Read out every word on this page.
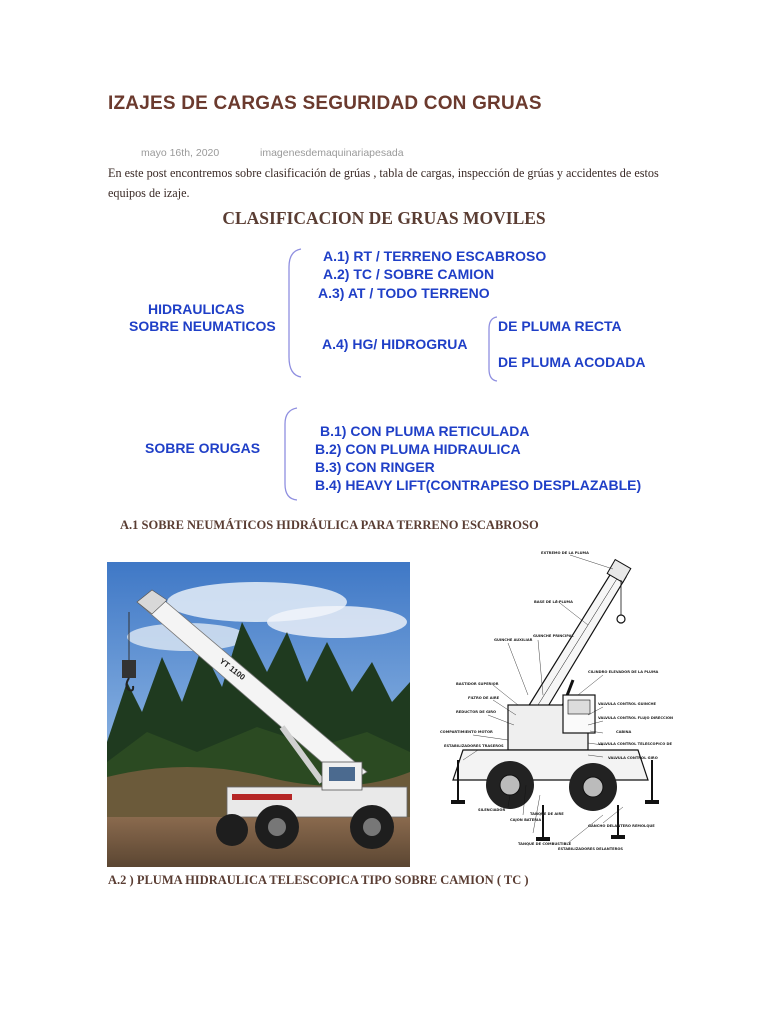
IZAJES DE CARGAS SEGURIDAD CON GRUAS
mayo 16th, 2020	imagenesdemaquinariapesada

En este post encontremos sobre clasificación de grúas , tabla de cargas, inspección de grúas y accidentes de estos equipos de izaje.

CLASIFICACION DE GRUAS MOVILES
HIDRAULICAS
SOBRE NEUMATICOS
A.1) RT / TERRENO ESCABROSO
A.2) TC / SOBRE CAMION
A.3) AT / TODO TERRENO
A.4) HG/ HIDROGRUA
DE PLUMA RECTA
DE PLUMA ACODADA
SOBRE ORUGAS
B.1) CON PLUMA RETICULADA
B.2) CON PLUMA HIDRAULICA
B.3) CON RINGER
B.4) HEAVY LIFT(CONTRAPESO DESPLAZABLE)
A.1 SOBRE NEUMÁTICOS HIDRÁULICA PARA TERRENO ESCABROSO
YT 1100
EXTREMO DE LA PLUMA
BASE DE LA PLUMA
GUINCHE AUXILIAR
GUINCHE PRINCIPAL
BASTIDOR SUPERIOR
FILTRO DE AIRE
REDUCTOR DE GIRO
COMPARTIMIENTO MOTOR
ESTABILIZADORES TRASEROS
SILENCIADOR
CAJON BATERIA
TANQUE DE AIRE
TANQUE DE COMBUSTIBLE
CILINDRO ELEVADOR DE LA PLUMA
VALVULA CONTROL GUINCHE
VALVULA CONTROL FLUJO DIRECCION
CABINA
VALVULA CONTROL TELESCOPICO DE
VALVULA CONTROL GIRO
GANCHO DELANTERO REMOLQUE
ESTABILIZADORES DELANTEROS
A.2 ) PLUMA HIDRAULICA TELESCOPICA TIPO SOBRE CAMION ( TC )
